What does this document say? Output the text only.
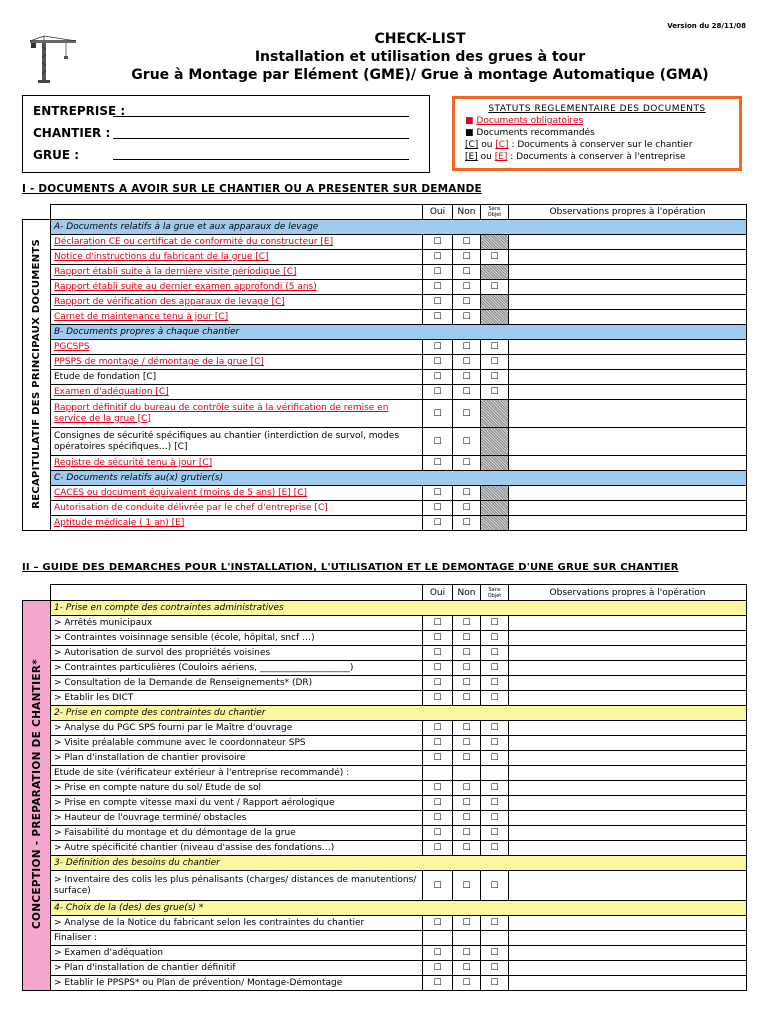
Version du 28/11/08
CHECK-LIST
Installation et utilisation des grues à tour
Grue à Montage par Elément (GME)/ Grue à montage Automatique (GMA)
ENTREPRISE :
CHANTIER :
GRUE :
STATUTS REGLEMENTAIRE DES DOCUMENTS
■ Documents obligatoires
■ Documents recommandés
[C] ou [C] : Documents à conserver sur le chantier
[E] ou [E] : Documents à conserver à l'entreprise
I - DOCUMENTS A AVOIR SUR LE CHANTIER OU A PRESENTER SUR DEMANDE
		Oui	Non	Sans Objet	Observations propres à l'opération
RECAPITULATIF DES PRINCIPAUX DOCUMENTS	A- Documents relatifs à la grue et aux apparaux de levage				
	Déclaration CE ou certificat de conformité du constructeur [E]	☐	☐		
	Notice d'instructions du fabricant de la grue [C]	☐	☐	☐	
	Rapport établi suite à la dernière visite périodique [C]	☐	☐		
	Rapport établi suite au dernier examen approfondi (5 ans)	☐	☐	☐	
	Rapport de vérification des apparaux de levage [C]	☐	☐		
	Carnet de maintenance tenu à jour [C]	☐	☐		
	B- Documents propres à chaque chantier				
	PGCSPS	☐	☐	☐	
	PPSPS de montage / démontage de la grue [C]	☐	☐	☐	
	Etude de fondation [C]	☐	☐	☐	
	Examen d'adéquation [C]	☐	☐	☐	
	Rapport définitif du bureau de contrôle suite à la vérification de remise en service de la grue [C]	☐	☐		
	Consignes de sécurité spécifiques au chantier (interdiction de survol, modes opératoires spécifiques…) [C]	☐	☐		
	Registre de sécurité tenu à jour [C]	☐	☐		
	C- Documents relatifs au(x) grutier(s)				
	CACES ou document équivalent (moins de 5 ans) [E] [C]	☐	☐		
	Autorisation de conduite délivrée par le chef d'entreprise [C]	☐	☐		
	Aptitude médicale ( 1 an) [E]	☐	☐		
II – GUIDE DES DEMARCHES POUR L'INSTALLATION, L'UTILISATION ET LE DEMONTAGE D'UNE GRUE SUR CHANTIER
		Oui	Non	Sans Objet	Observations propres à l'opération
CONCEPTION - PREPARATION DE CHANTIER*	1- Prise en compte des contraintes administratives				
	> Arrêtés municipaux	☐	☐	☐	
	> Contraintes voisinnage sensible (école, hôpital, sncf …)	☐	☐	☐	
	> Autorisation de survol des propriétés voisines	☐	☐	☐	
	> Contraintes particulières (Couloirs aériens, ____________________)	☐	☐	☐	
	> Consultation de la Demande de Renseignements* (DR)	☐	☐	☐	
	> Etablir les DICT	☐	☐	☐	
	2- Prise en compte des contraintes du chantier				
	> Analyse du PGC SPS fourni par le Maître d'ouvrage	☐	☐	☐	
	> Visite préalable commune avec le coordonnateur SPS	☐	☐	☐	
	> Plan d'installation de chantier provisoire	☐	☐	☐	
	Etude de site (vérificateur extérieur à l'entreprise recommandé) :				
	> Prise en compte nature du sol/ Etude de sol	☐	☐	☐	
	> Prise en compte vitesse maxi du vent / Rapport aérologique	☐	☐	☐	
	> Hauteur de l'ouvrage terminé/ obstacles	☐	☐	☐	
	> Faisabilité du montage et du démontage de la grue	☐	☐	☐	
	> Autre spécificité chantier (niveau d'assise des fondations…)	☐	☐	☐	
	3- Définition des besoins du chantier				
	> Inventaire des colis les plus pénalisants (charges/ distances de manutentions/ surface)	☐	☐	☐	
	4- Choix de la (des) des grue(s) *				
	> Analyse de la Notice du fabricant selon les contraintes du chantier	☐	☐	☐	
	Finaliser :				
	> Examen d'adéquation	☐	☐	☐	
	> Plan d'installation de chantier définitif	☐	☐	☐	
	> Etablir le PPSPS* ou Plan de prévention/ Montage-Démontage	☐	☐	☐	
